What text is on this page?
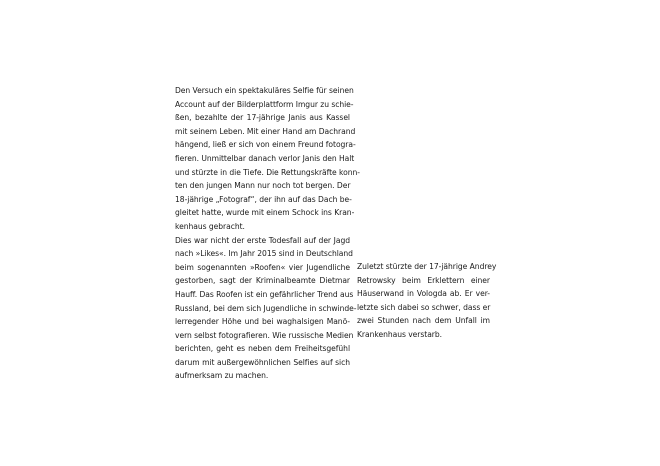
Den Versuch ein spektakuläres Selfie für seinen
Account auf der Bilderplattform Imgur zu schie-
ßen, bezahlte der 17-jährige Janis aus Kassel
mit seinem Leben. Mit einer Hand am Dachrand
hängend, ließ er sich von einem Freund fotogra-
fieren. Unmittelbar danach verlor Janis den Halt
und stürzte in die Tiefe. Die Rettungskräfte konn-
ten den jungen Mann nur noch tot bergen. Der
18-jährige „Fotograf“, der ihn auf das Dach be-
gleitet hatte, wurde mit einem Schock ins Kran-
kenhaus gebracht.
Dies war nicht der erste Todesfall auf der Jagd
nach »Likes«. Im Jahr 2015 sind in Deutschland
beim sogenannten »Roofen« vier Jugendliche
gestorben, sagt der Kriminalbeamte Dietmar
Hauff. Das Roofen ist ein gefährlicher Trend aus
Russland, bei dem sich Jugendliche in schwinde-
lerregender Höhe und bei waghalsigen Manö-
vern selbst fotografieren. Wie russische Medien
berichten, geht es neben dem Freiheitsgefühl
darum mit außergewöhnlichen Selfies auf sich
aufmerksam zu machen.
Zuletzt stürzte der 17-jährige Andrey
Retrowsky beim Erklettern einer
Häuserwand in Vologda ab. Er ver-
letzte sich dabei so schwer, dass er
zwei Stunden nach dem Unfall im
Krankenhaus verstarb.
